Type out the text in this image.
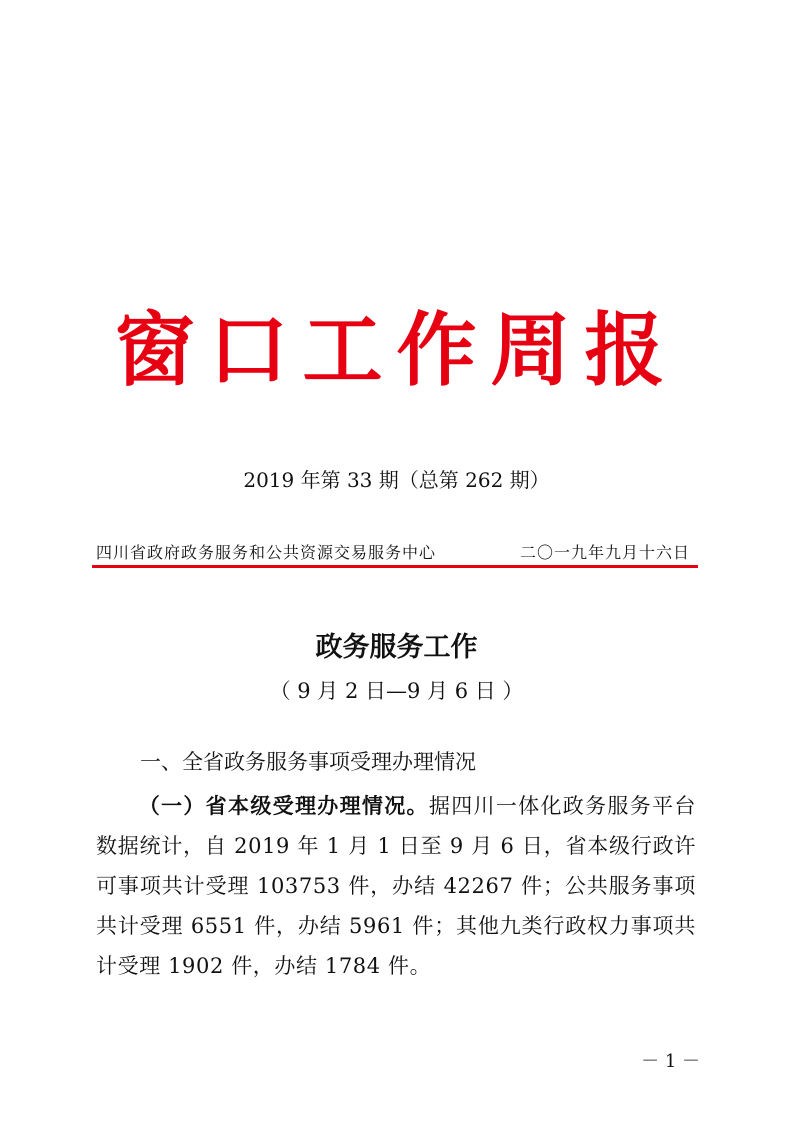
窗口工作周报
2019 年第 33 期（总第 262 期）
四川省政府政务服务和公共资源交易服务中心	二〇一九年九月十六日
政务服务工作
（ 9 月 2 日—9 月 6 日 ）
一、全省政务服务事项受理办理情况
（一）省本级受理办理情况。据四川一体化政务服务平台数据统计，自 2019 年 1 月 1 日至 9 月 6 日，省本级行政许可事项共计受理 103753 件，办结 42267 件；公共服务事项共计受理 6551 件，办结 5961 件；其他九类行政权力事项共计受理 1902 件，办结 1784 件。
－ 1 －
